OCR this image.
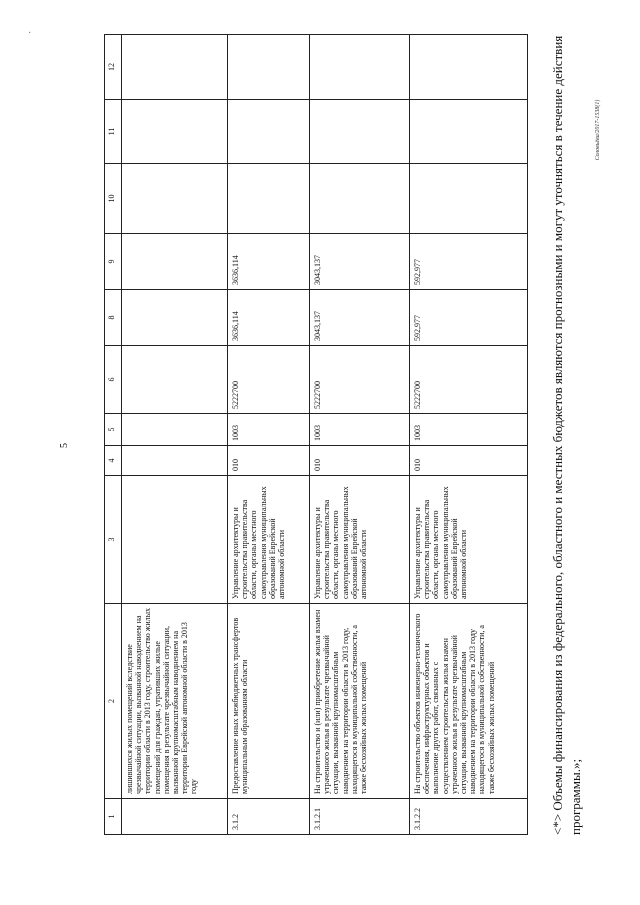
·
5
Соловьёва/2017-1538(1)
1	2	3	4	5	6	8	9	10	11	12
	лишившихся жилых помещений вследствие чрезвычайной ситуации, вызванной наводнением на территории области в 2013 году, строительство жилых помещений для граждан, утративших жилые помещения в результате чрезвычайной ситуации, вызванной крупномасштабным наводнением на территории Еврейской автономной области в 2013 году									
3.1.2	Предоставление иных межбюджетных трансфертов муниципальным образованиям области	Управление архитектуры и строительства правительства области, органы местного самоуправления муниципальных образований Еврейской автономной области	010	1003	5222700	3636,114	3636,114			
3.1.2.1	На строительство и (или) приобретение жилья взамен утраченного жилья в результате чрезвычайной ситуации, вызванной крупномасштабным наводнением на территории области в 2013 году, находящегося в муниципальной собственности, а также бесхозяйных жилых помещений	Управление архитектуры и строительства правительства области, органы местного самоуправления муниципальных образований Еврейской автономной области	010	1003	5222700	3043,137	3043,137			
3.1.2.2	На строительство объектов инженерно-технического обеспечения, инфраструктурных объектов и выполнение других работ, связанных с осуществлением строительства жилья взамен утраченного жилья в результате чрезвычайной ситуации, вызванной крупномасштабным наводнением на территории области в 2013 году находящегося в муниципальной собственности, а также бесхозяйных жилых помещений	Управление архитектуры и строительства правительства области, органы местного самоуправления муниципальных образований Еврейской автономной области	010	1003	5222700	592,977	592,977				<*> Объемы финансирования из федерального, областного и местных бюджетов являются прогнозными и могут уточняться в течение действия программы.»;
